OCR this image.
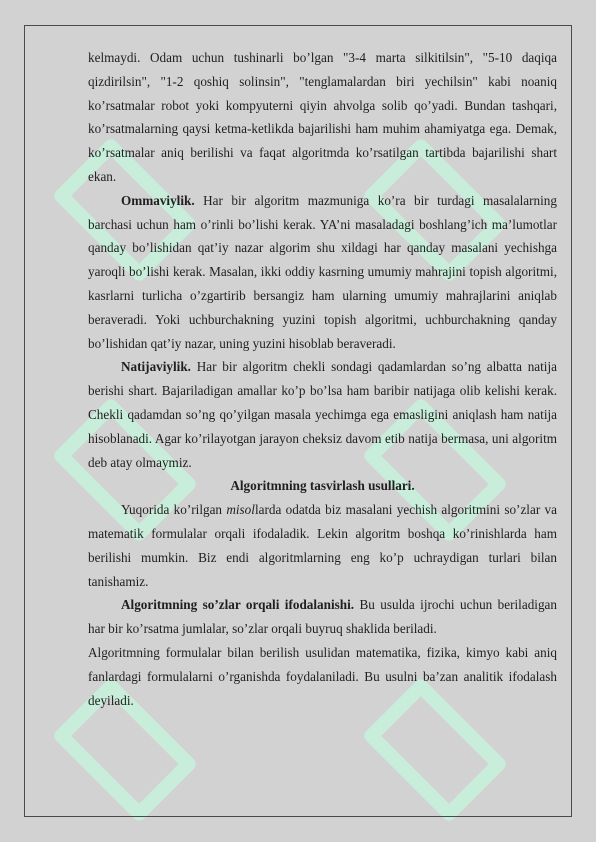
kelmaydi. Odam uchun tushinarli bo’lgan "3-4 marta silkitilsin", "5-10 daqiqa qizdirilsin", "1-2 qoshiq solinsin", "tenglamalardan biri yechilsin" kabi noaniq ko’rsatmalar robot yoki kompyuterni qiyin ahvolga solib qo’yadi. Bundan tashqari, ko’rsatmalarning qaysi ketma-ketlikda bajarilishi ham muhim ahamiyatga ega. Demak, ko’rsatmalar aniq berilishi va faqat algoritmda ko’rsatilgan tartibda bajarilishi shart ekan.

Ommaviylik. Har bir algoritm mazmuniga ko’ra bir turdagi masalalarning barchasi uchun ham o’rinli bo’lishi kerak. YA’ni masaladagi boshlang’ich ma’lumotlar qanday bo’lishidan qat’iy nazar algorim shu xildagi har qanday masalani yechishga yaroqli bo’lishi kerak. Masalan, ikki oddiy kasrning umumiy mahrajini topish algoritmi, kasrlarni turlicha o’zgartirib bersangiz ham ularning umumiy mahrajlarini aniqlab beraveradi. Yoki uchburchakning yuzini topish algoritmi, uchburchakning qanday bo’lishidan qat’iy nazar, uning yuzini hisoblab beraveradi.

Natijaviylik. Har bir algoritm chekli sondagi qadamlardan so’ng albatta natija berishi shart. Bajariladigan amallar ko’p bo’lsa ham baribir natijaga olib kelishi kerak. Chekli qadamdan so’ng qo’yilgan masala yechimga ega emasligini aniqlash ham natija hisoblanadi. Agar ko’rilayotgan jarayon cheksiz davom etib natija bermasa, uni algoritm deb atay olmaymiz.

Algoritmning tasvirlash usullari.

Yuqorida ko’rilgan misollarda odatda biz masalani yechish algoritmini so’zlar va matematik formulalar orqali ifodaladik. Lekin algoritm boshqa ko’rinishlarda ham berilishi mumkin. Biz endi algoritmlarning eng ko’p uchraydigan turlari bilan tanishamiz.

Algoritmning so’zlar orqali ifodalanishi. Bu usulda ijrochi uchun beriladigan har bir ko’rsatma jumlalar, so’zlar orqali buyruq shaklida beriladi.

Algoritmning formulalar bilan berilish usulidan matematika, fizika, kimyo kabi aniq fanlardagi formulalarni o’rganishda foydalaniladi. Bu usulni ba’zan analitik ifodalash deyiladi.
